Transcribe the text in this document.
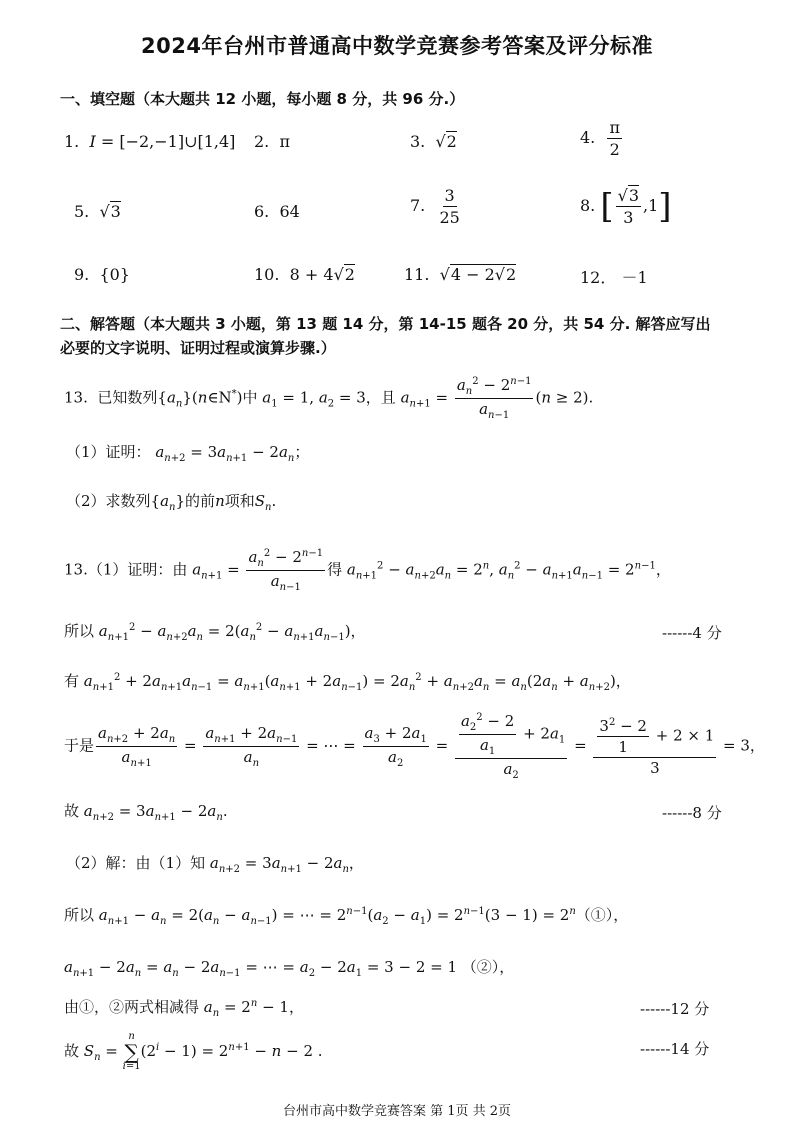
2024年台州市普通高中数学竞赛参考答案及评分标准
一、填空题（本大题共 12 小题，每小题 8 分，共 96 分.）
1. I = [−2,−1]∪[1,4] 2. π	3.  √2	4. $\frac{\pi}{2}$
5.  √3	6. 64	7. $\frac{3}{25}$	8. [ $\frac{√3}{3} ,1$]
9.  {0}	10.  8 + 4√2	11.  √4 − 2√2	12． －1
二、解答题（本大题共 3 小题，第 13 题 14 分，第 14-15 题各 20 分，共 54 分. 解答应写出
必要的文字说明、证明过程或演算步骤.）
13.  已知数列$\{a_n\}(n\in N^*)$中 $a_1 = 1$, $a_2 = 3$，且 $a_{n+1} = \frac{a_n^2 - 2^{n-1}}{a_{n-1}} (n \ge 2)$.
（1）证明： $a_{n+2} = 3a_{n+1} - 2a_n$；
（2）求数列$\{a_n\}$的前n项和$S_n$.
13.（1）证明：由 $a_{n+1} = \frac{a_n^2 - 2^{n-1}}{a_{n-1}}$ 得 $a_{n+1}^2 - a_{n+2}a_n = 2^n$, $a_n^2 - a_{n+1}a_{n-1} = 2^{n-1}$，
所以 $a_{n+1}^2 - a_{n+2}a_n = 2(a_n^2 - a_{n+1}a_{n-1})$，	------4 分
有 $a_{n+1}^2 + 2a_{n+1}a_{n-1} = a_{n+1}(a_{n+1} + 2a_{n-1}) = 2a_n^2 + a_{n+2}a_n = a_n(2a_n + a_{n+2})$，
于是 $\frac{a_{n+2} + 2a_n}{a_{n+1}} = \frac{a_{n+1} + 2a_{n-1}}{a_n}$ = ⋯ = $\frac{a_3 + 2a_1}{a_2} = \frac{\frac{a_2^2 - 2}{a_1} + 2a_1}{a_2} = \frac{\frac{3^2 - 2}{1} + 2 \times 1}{3} = 3$，
故 $a_{n+2} = 3a_{n+1} - 2a_n$.	------8 分
（2）解：由（1）知 $a_{n+2} = 3a_{n+1} - 2a_n$，
所以 $a_{n+1} - a_n = 2(a_n - a_{n-1})$ = ⋯ = $2^{n-1}(a_2 - a_1) = 2^{n-1}(3 - 1)$ = $2^n(①)$，
$a_{n+1} - 2a_n = a_n - 2a_{n-1}$ = ⋯ = $a_2 - 2a_1 = 3 - 2 = 1$ （②），
由①，②两式相减得 $a_n = 2^n - 1$，	------12 分
故 $S_n$ =
n
∑
i=1
$(2^i - 1) = 2^{n+1} - n - 2$ .	------14 分
台州市高中数学竞赛答案 第 1页 共 2页
